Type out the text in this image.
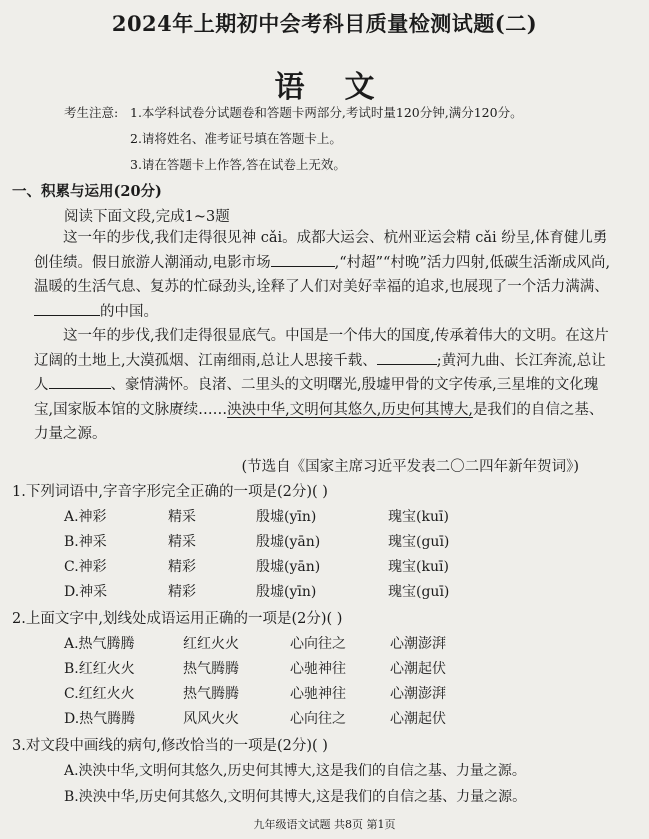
2024年上期初中会考科目质量检测试题(二)
语文
考生注意: 1.本学科试卷分试题卷和答题卡两部分,考试时量120分钟,满分120分。
2.请将姓名、准考证号填在答题卡上。
3.请在答题卡上作答,答在试卷上无效。
一、积累与运用(20分)
阅读下面文段,完成1~3题

这一年的步伐,我们走得很见神 cǎi。成都大运会、杭州亚运会精 cǎi 纷呈,体育健儿勇创佳绩。假日旅游人潮涌动,电影市场	,“村超”“村晚”活力四射,低碳生活渐成风尚,温暖的生活气息、复苏的忙碌劲头,诠释了人们对美好幸福的追求,也展现了一个活力满满、的中国。

这一年的步伐,我们走得很显底气。中国是一个伟大的国度,传承着伟大的文明。在这片辽阔的土地上,大漠孤烟、江南细雨,总让人思接千载、	;黄河九曲、长江奔流,总让人	、豪情满怀。良渚、二里头的文明曙光,殷墟甲骨的文字传承,三星堆的文化瑰宝,国家版本馆的文脉赓续……泱泱中华,文明何其悠久,历史何其博大,是我们的自信之基、力量之源。

(节选自《国家主席习近平发表二〇二四年新年贺词》)
1.下列词语中,字音字形完全正确的一项是(2分)( )
A.神彩	精采	殷墟(yīn)	瑰宝(kuī)
B.神采	精采	殷墟(yān)	瑰宝(guī)
C.神彩	精彩	殷墟(yān)	瑰宝(kuī)
D.神采	精彩	殷墟(yīn)	瑰宝(guī)
2.上面文字中,划线处成语运用正确的一项是(2分)( )
A.热气腾腾	红红火火	心向往之	心潮澎湃
B.红红火火	热气腾腾	心驰神往	心潮起伏
C.红红火火	热气腾腾	心驰神往	心潮澎湃
D.热气腾腾	风风火火	心向往之	心潮起伏
3.对文段中画线的病句,修改恰当的一项是(2分)( )
A.泱泱中华,文明何其悠久,历史何其博大,这是我们的自信之基、力量之源。
B.泱泱中华,历史何其悠久,文明何其博大,这是我们的自信之基、力量之源。
九年级语文试题 共8页 第1页
